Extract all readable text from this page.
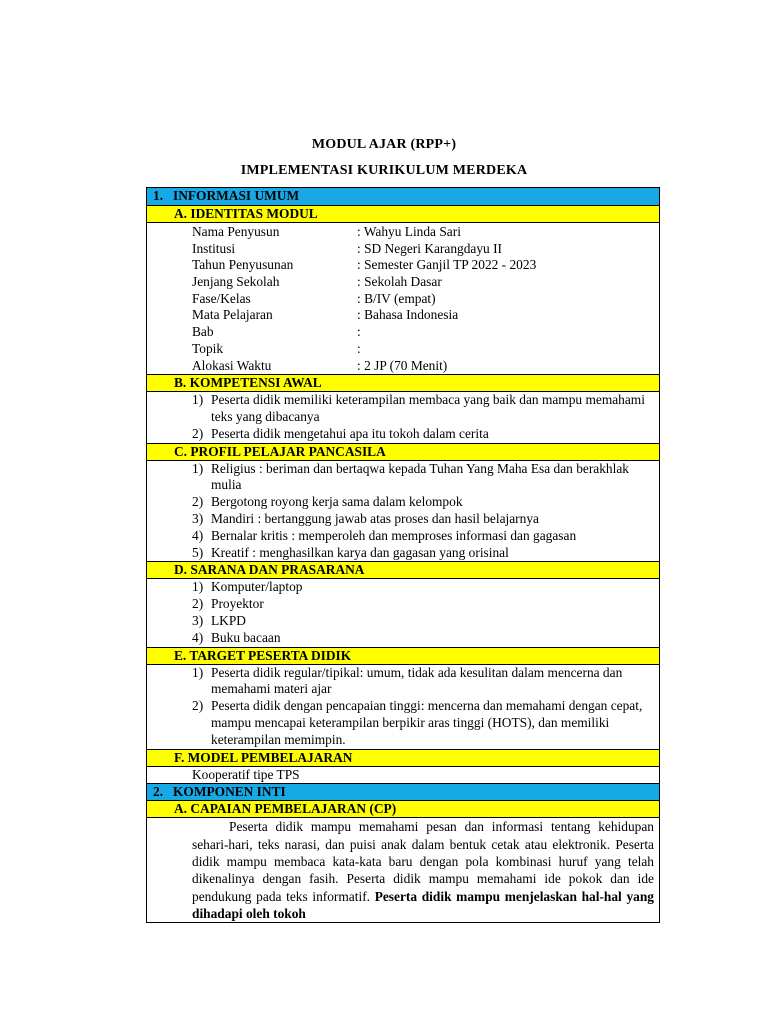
MODUL AJAR (RPP+)
IMPLEMENTASI KURIKULUM MERDEKA
1. INFORMASI UMUM
A. IDENTITAS MODUL
Nama Penyusun	: Wahyu Linda Sari
Institusi	: SD Negeri Karangdayu II
Tahun Penyusunan	: Semester Ganjil TP 2022 - 2023
Jenjang Sekolah	: Sekolah Dasar
Fase/Kelas	: B/IV (empat)
Mata Pelajaran	: Bahasa Indonesia
Bab	:
Topik	:
Alokasi Waktu	: 2 JP (70 Menit)
B. KOMPETENSI AWAL
1) Peserta didik memiliki keterampilan membaca yang baik dan mampu memahami teks yang dibacanya
2) Peserta didik mengetahui apa itu tokoh dalam cerita
C. PROFIL PELAJAR PANCASILA
1) Religius : beriman dan bertaqwa kepada Tuhan Yang Maha Esa dan berakhlak mulia
2) Bergotong royong kerja sama dalam kelompok
3) Mandiri : bertanggung jawab atas proses dan hasil belajarnya
4) Bernalar kritis : memperoleh dan memproses informasi dan gagasan
5) Kreatif : menghasilkan karya dan gagasan yang orisinal
D. SARANA DAN PRASARANA
1) Komputer/laptop
2) Proyektor
3) LKPD
4) Buku bacaan
E. TARGET PESERTA DIDIK
1) Peserta didik regular/tipikal: umum, tidak ada kesulitan dalam mencerna dan memahami materi ajar
2) Peserta didik dengan pencapaian tinggi: mencerna dan memahami dengan cepat, mampu mencapai keterampilan berpikir aras tinggi (HOTS), dan memiliki keterampilan memimpin.
F. MODEL PEMBELAJARAN
Kooperatif tipe TPS
2. KOMPONEN INTI
A. CAPAIAN PEMBELAJARAN (CP)
Peserta didik mampu memahami pesan dan informasi tentang kehidupan sehari-hari, teks narasi, dan puisi anak dalam bentuk cetak atau elektronik. Peserta didik mampu membaca kata-kata baru dengan pola kombinasi huruf yang telah dikenalinya dengan fasih. Peserta didik mampu memahami ide pokok dan ide pendukung pada teks informatif. Peserta didik mampu menjelaskan hal-hal yang dihadapi oleh tokoh
